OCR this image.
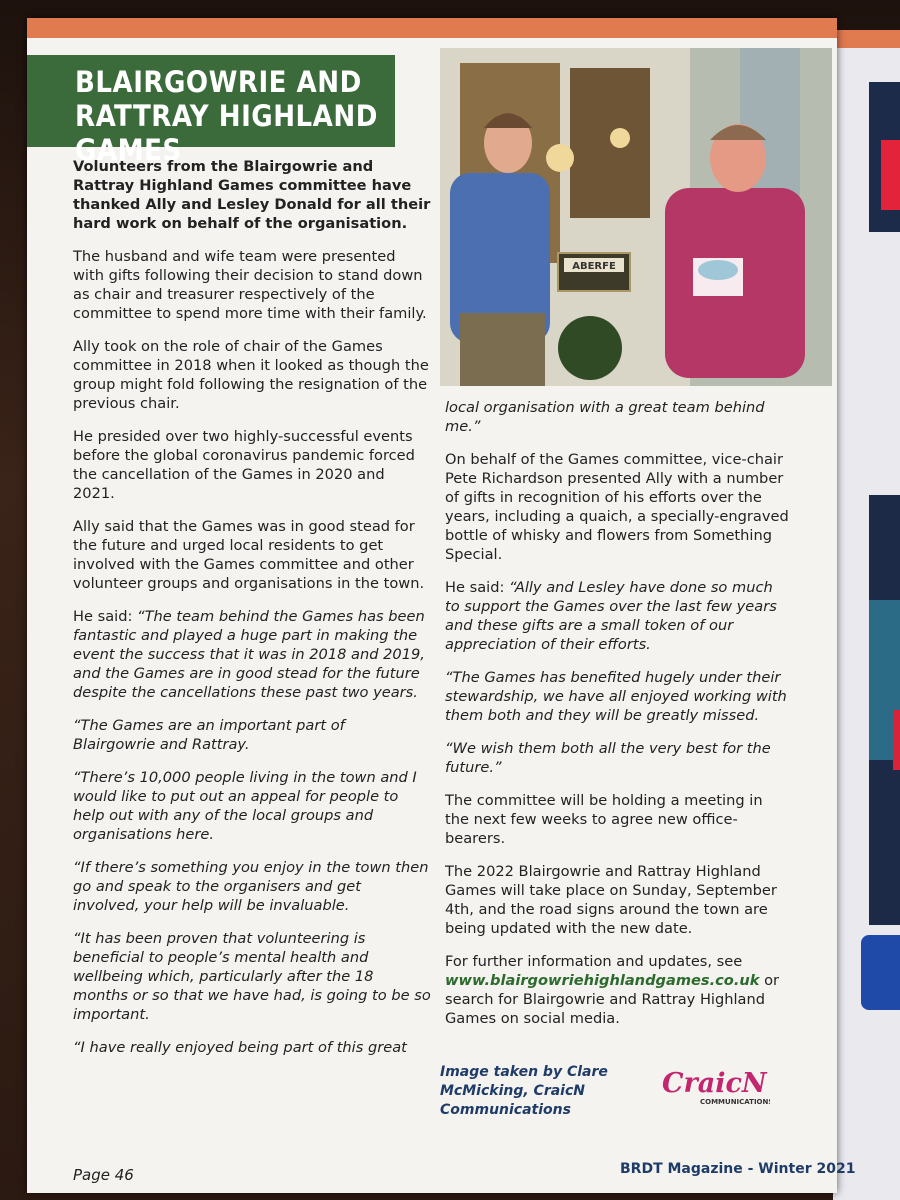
BLAIRGOWRIE AND RATTRAY HIGHLAND GAMES
ABERFE

Volunteers from the Blairgowrie and Rattray Highland Games committee have thanked Ally and Lesley Donald for all their hard work on behalf of the organisation.

The husband and wife team were presented with gifts following their decision to stand down as chair and treasurer respectively of the committee to spend more time with their family.

Ally took on the role of chair of the Games committee in 2018 when it looked as though the group might fold following the resignation of the previous chair.

He presided over two highly-successful events before the global coronavirus pandemic forced the cancellation of the Games in 2020 and 2021.

Ally said that the Games was in good stead for the future and urged local residents to get involved with the Games committee and other volunteer groups and organisations in the town.

He said: “The team behind the Games has been fantastic and played a huge part in making the event the success that it was in 2018 and 2019, and the Games are in good stead for the future despite the cancellations these past two years.

“The Games are an important part of Blairgowrie and Rattray.

“There’s 10,000 people living in the town and I would like to put out an appeal for people to help out with any of the local groups and organisations here.

“If there’s something you enjoy in the town then go and speak to the organisers and get involved, your help will be invaluable.

“It has been proven that volunteering is beneficial to people’s mental health and wellbeing which, particularly after the 18 months or so that we have had, is going to be so important.

“I have really enjoyed being part of this great

local organisation with a great team behind me.”

On behalf of the Games committee, vice-chair Pete Richardson presented Ally with a number of gifts in recognition of his efforts over the years, including a quaich, a specially-engraved bottle of whisky and flowers from Something Special.

He said: “Ally and Lesley have done so much to support the Games over the last few years and these gifts are a small token of our appreciation of their efforts.

“The Games has benefited hugely under their stewardship, we have all enjoyed working with them both and they will be greatly missed.

“We wish them both all the very best for the future.”

The committee will be holding a meeting in the next few weeks to agree new office-bearers.

The 2022 Blairgowrie and Rattray Highland Games will take place on Sunday, September 4th, and the road signs around the town are being updated with the new date.

For further information and updates, see www.blairgowriehighlandgames.co.uk or search for Blairgowrie and Rattray Highland Games on social media.

Image taken by Clare McMicking, CraicN Communications
CraicN
COMMUNICATIONS
Page 46	BRDT Magazine - Winter 2021
